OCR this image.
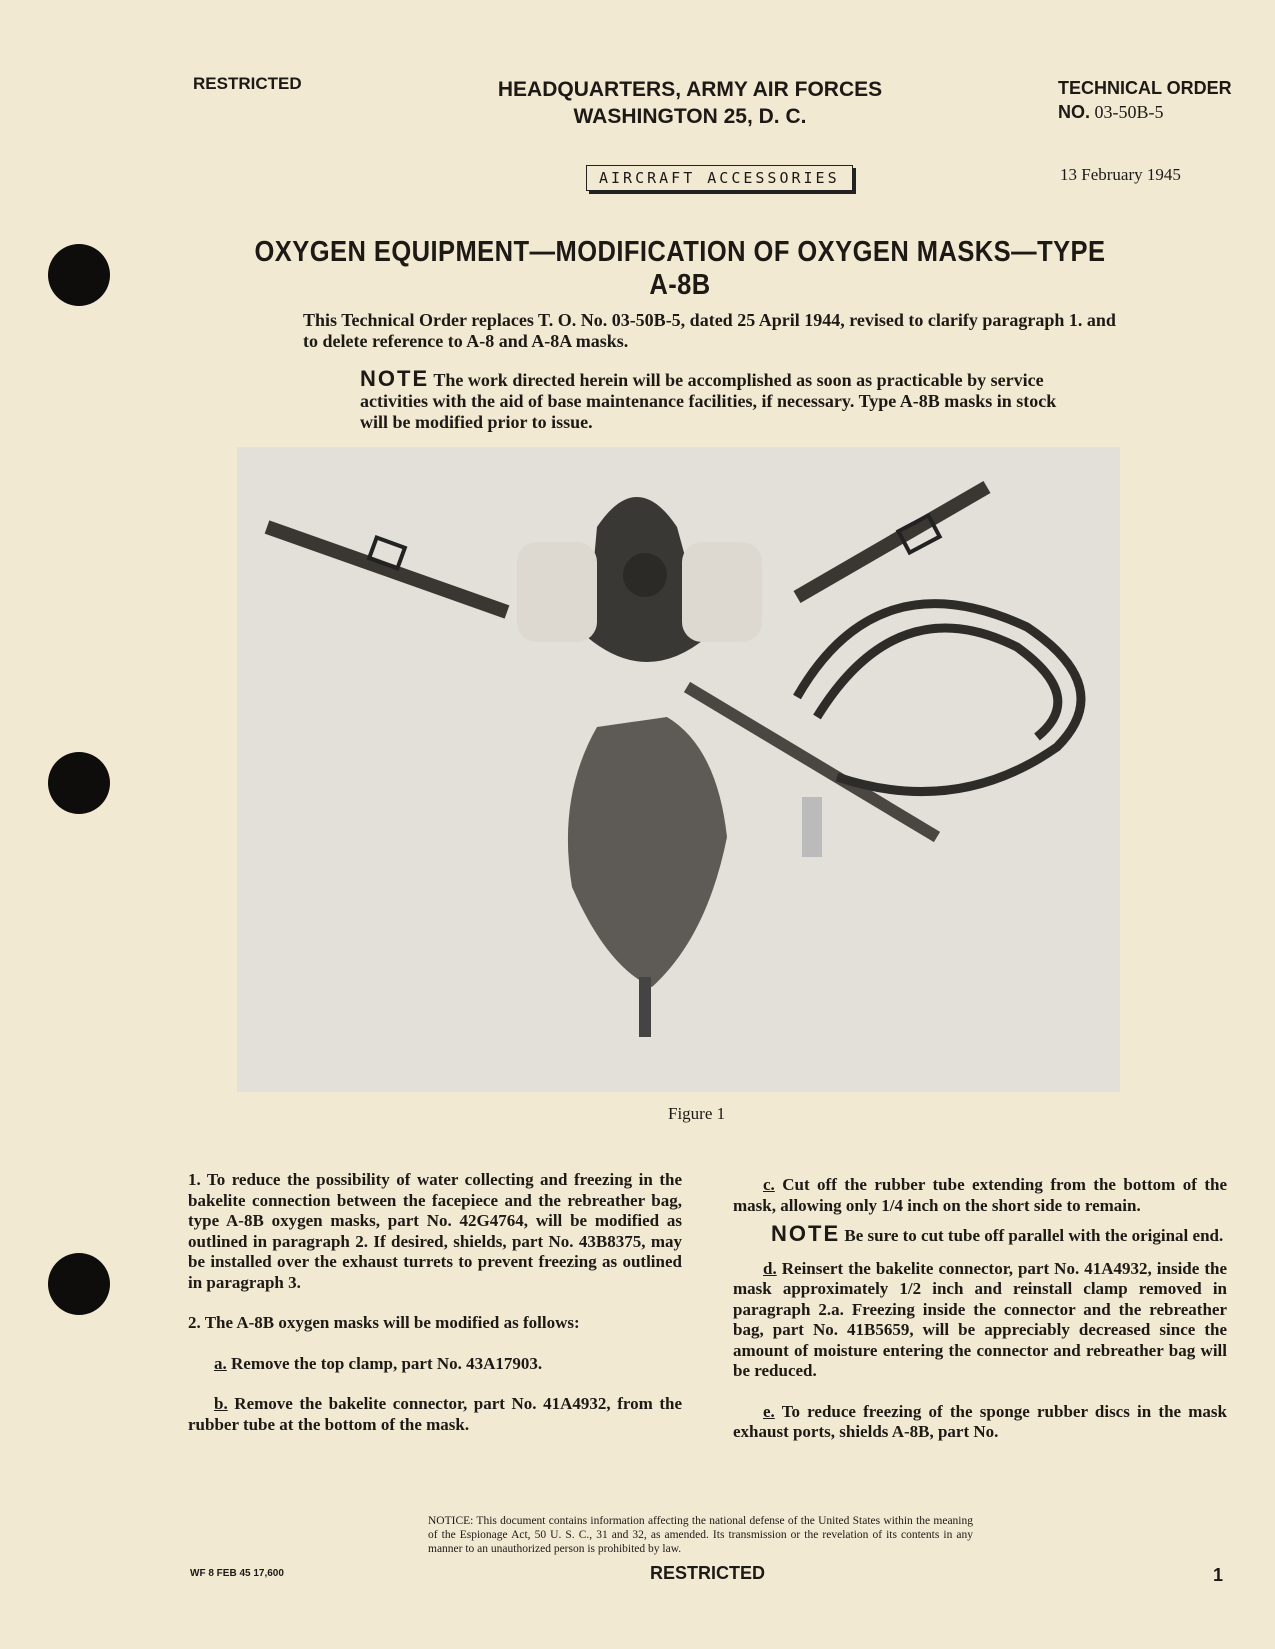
RESTRICTED	HEADQUARTERS, ARMY AIR FORCES
WASHINGTON 25, D. C.
TECHNICAL ORDER
NO. 03-50B-5
AIRCRAFT ACCESSORIES	13 February 1945
OXYGEN EQUIPMENT—MODIFICATION OF OXYGEN MASKS—TYPE A-8B

This Technical Order replaces T. O. No. 03-50B-5, dated 25 April 1944, revised to clarify paragraph 1. and to delete reference to A-8 and A-8A masks.

NOTE The work directed herein will be accomplished as soon as practicable by service activities with the aid of base maintenance facilities, if necessary. Type A-8B masks in stock will be modified prior to issue.
Figure 1

1. To reduce the possibility of water collecting and freezing in the bakelite connection between the facepiece and the rebreather bag, type A-8B oxygen masks, part No. 42G4764, will be modified as outlined in paragraph 2. If desired, shields, part No. 43B8375, may be installed over the exhaust turrets to prevent freezing as outlined in paragraph 3.

2. The A-8B oxygen masks will be modified as follows:

a. Remove the top clamp, part No. 43A17903.

b. Remove the bakelite connector, part No. 41A4932, from the rubber tube at the bottom of the mask.

c. Cut off the rubber tube extending from the bottom of the mask, allowing only 1/4 inch on the short side to remain.

NOTE Be sure to cut tube off parallel with the original end.

d. Reinsert the bakelite connector, part No. 41A4932, inside the mask approximately 1/2 inch and reinstall clamp removed in paragraph 2.a. Freezing inside the connector and the rebreather bag, part No. 41B5659, will be appreciably decreased since the amount of moisture entering the connector and rebreather bag will be reduced.

e. To reduce freezing of the sponge rubber discs in the mask exhaust ports, shields A-8B, part No.

NOTICE: This document contains information affecting the national defense of the United States within the meaning of the Espionage Act, 50 U. S. C., 31 and 32, as amended. Its transmission or the revelation of its contents in any manner to an unauthorized person is prohibited by law.

WF 8 FEB 45 17,600	RESTRICTED	1
